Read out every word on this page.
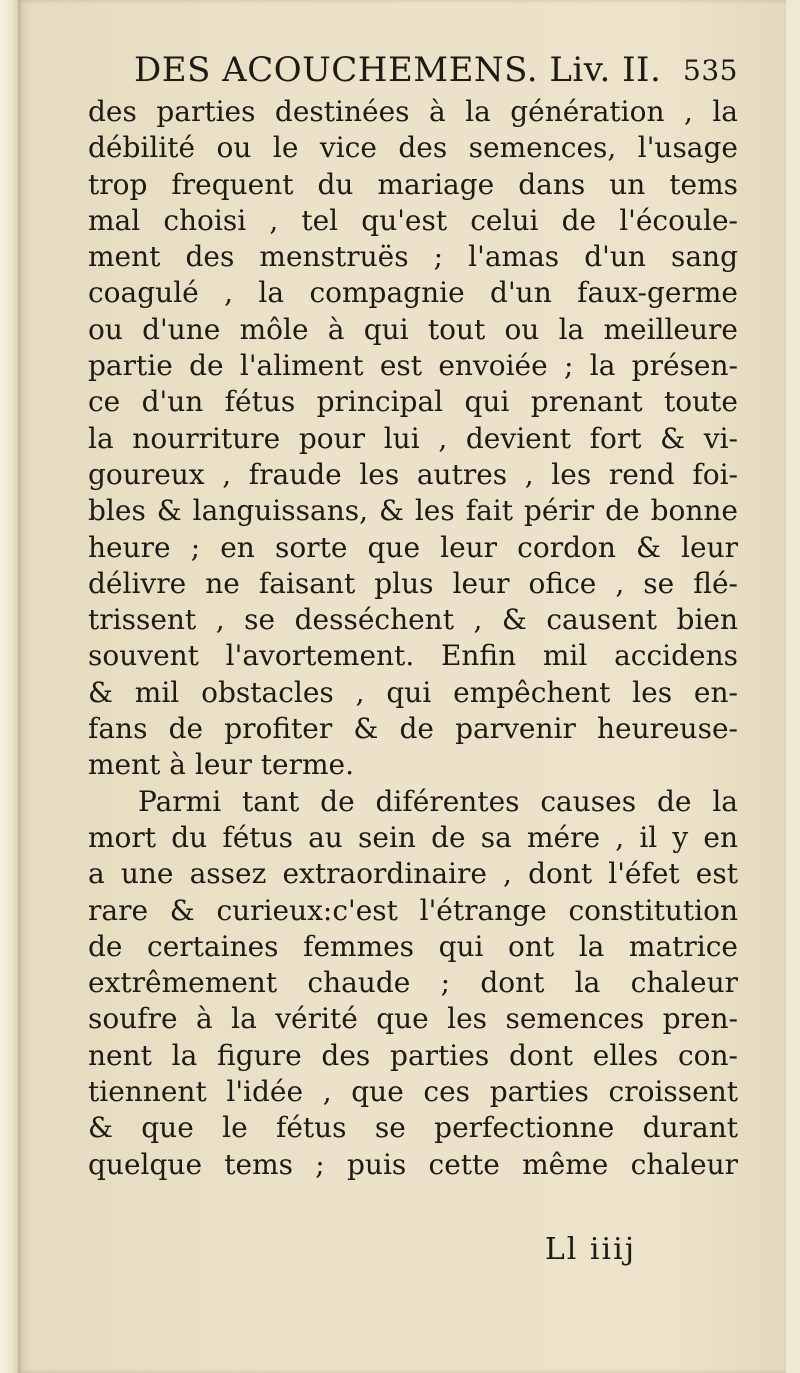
DES ACOUCHEMENS. Liv. II. 535
des parties destinées à la génération , la
débilité ou le vice des semences, l'usage
trop frequent du mariage dans un tems
mal choisi , tel qu'est celui de l'écoule-
ment des menstruës ; l'amas d'un sang
coagulé , la compagnie d'un faux-germe
ou d'une môle à qui tout ou la meilleure
partie de l'aliment est envoiée ; la présen-
ce d'un fétus principal qui prenant toute
la nourriture pour lui , devient fort & vi-
goureux , fraude les autres , les rend foi-
bles & languissans, & les fait périr de bonne
heure ; en sorte que leur cordon & leur
délivre ne faisant plus leur ofice , se flé-
trissent , se desséchent , & causent bien
souvent l'avortement. Enfin mil accidens
& mil obstacles , qui empêchent les en-
fans de profiter & de parvenir heureuse-
ment à leur terme.
Parmi tant de diférentes causes de la
mort du fétus au sein de sa mére , il y en
a une assez extraordinaire , dont l'éfet est
rare & curieux:c'est l'étrange constitution
de certaines femmes qui ont la matrice
extrêmement chaude ; dont la chaleur
soufre à la vérité que les semences pren-
nent la figure des parties dont elles con-
tiennent l'idée , que ces parties croissent
& que le fétus se perfectionne durant
quelque tems ; puis cette même chaleur
Ll iiij
